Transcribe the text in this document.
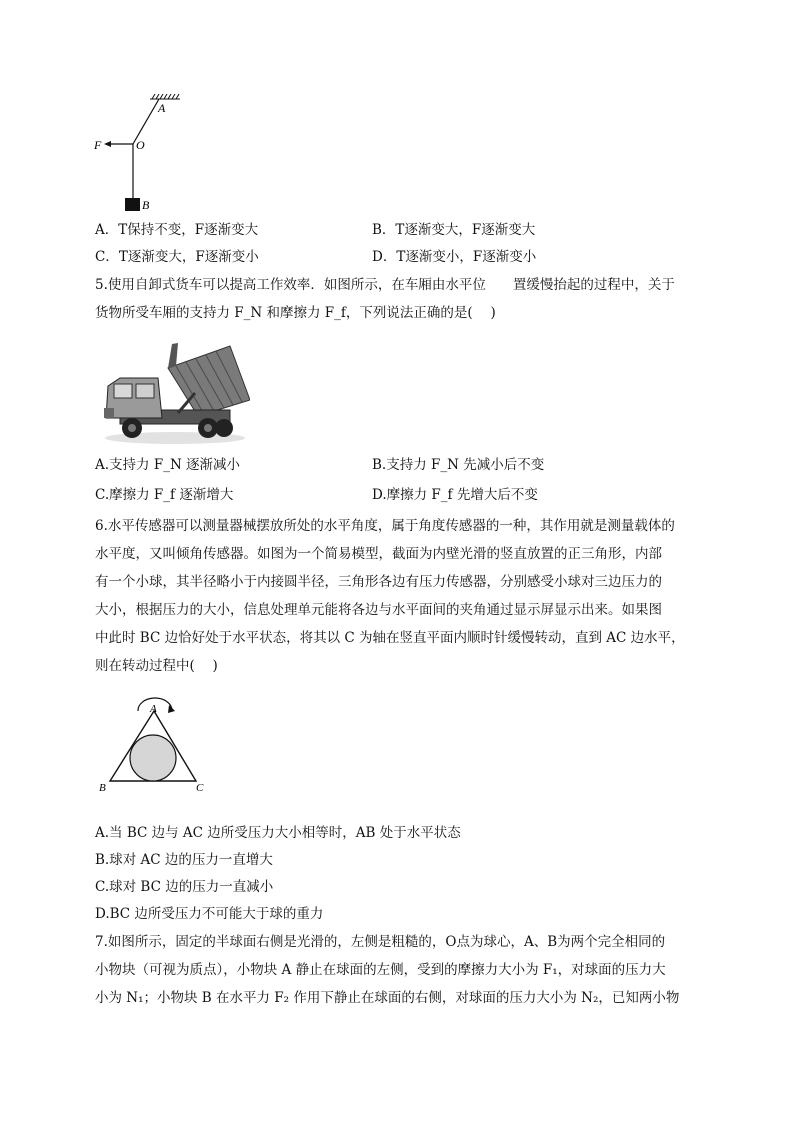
A
O
F
B
A．T保持不变，F逐渐变大	B．T逐渐变大，F逐渐变大
C．T逐渐变大，F逐渐变小	D．T逐渐变小，F逐渐变小
5.使用自卸式货车可以提高工作效率．如图所示，在车厢由水平位　　置缓慢抬起的过程中，关于
货物所受车厢的支持力 F_N 和摩擦力 F_f，下列说法正确的是(　 )
A.支持力 F_N 逐渐减小	B.支持力 F_N 先减小后不变
C.摩擦力 F_f 逐渐增大	D.摩擦力 F_f 先增大后不变
6.水平传感器可以测量器械摆放所处的水平角度，属于角度传感器的一种，其作用就是测量载体的
水平度，又叫倾角传感器。如图为一个简易模型，截面为内壁光滑的竖直放置的正三角形，内部
有一个小球，其半径略小于内接圆半径，三角形各边有压力传感器，分别感受小球对三边压力的
大小，根据压力的大小，信息处理单元能将各边与水平面间的夹角通过显示屏显示出来。如果图
中此时 BC 边恰好处于水平状态，将其以 C 为轴在竖直平面内顺时针缓慢转动，直到 AC 边水平，
则在转动过程中(　 )
A
B	C
A.当 BC 边与 AC 边所受压力大小相等时，AB 处于水平状态
B.球对 AC 边的压力一直增大
C.球对 BC 边的压力一直减小
D.BC 边所受压力不可能大于球的重力
7.如图所示，固定的半球面右侧是光滑的，左侧是粗糙的，O点为球心，A、B为两个完全相同的
小物块（可视为质点），小物块 A 静止在球面的左侧，受到的摩擦力大小为 F₁，对球面的压力大
小为 N₁；小物块 B 在水平力 F₂ 作用下静止在球面的右侧，对球面的压力大小为 N₂，已知两小物
